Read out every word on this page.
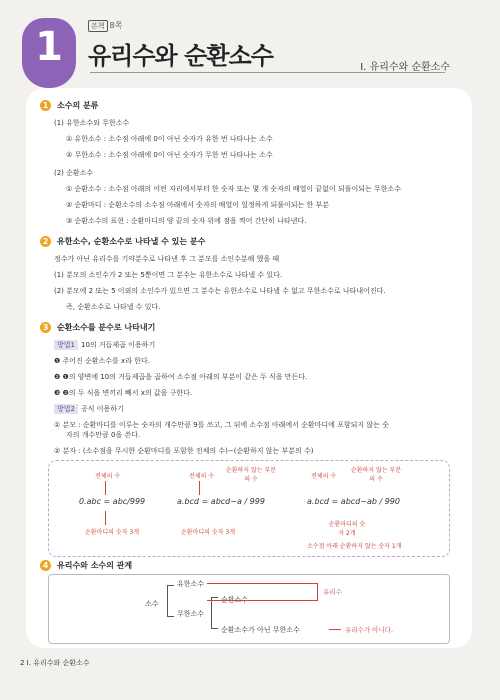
1	본책 8쪽
유리수와 순환소수	Ⅰ. 유리수와 순환소수
1	소수의 분류
(1) 유한소수와 무한소수
① 유한소수 : 소수점 아래에 0이 아닌 숫자가 유한 번 나타나는 소수
② 무한소수 : 소수점 아래에 0이 아닌 숫자가 무한 번 나타나는 소수
(2) 순환소수
① 순환소수 : 소수점 아래의 어떤 자리에서부터 한 숫자 또는 몇 개 숫자의 배열이 끝없이 되풀이되는 무한소수
② 순환마디 : 순환소수의 소수점 아래에서 숫자의 배열이 일정하게 되풀이되는 한 부분
③ 순환소수의 표현 : 순환마디의 양 끝의 숫자 위에 점을 찍어 간단히 나타낸다.
2	유한소수, 순환소수로 나타낼 수 있는 분수
정수가 아닌 유리수를 기약분수로 나타낸 후 그 분모를 소인수분해 했을 때
(1) 분모의 소인수가 2 또는 5뿐이면 그 분수는 유한소수로 나타낼 수 있다.
(2) 분모에 2 또는 5 이외의 소인수가 있으면 그 분수는 유한소수로 나타낼 수 없고 무한소수로 나타내어진다.
즉, 순환소수로 나타낼 수 있다.
3	순환소수를 분수로 나타내기
방법1 10의 거듭제곱 이용하기
❶ 주어진 순환소수를 x라 한다.
❷ ❶의 양변에 10의 거듭제곱을 곱하여 소수점 아래의 부분이 같은 두 식을 만든다.
❸ ❷의 두 식을 변끼리 빼서 x의 값을 구한다.
방법2 공식 이용하기
① 분모 : 순환마디를 이루는 숫자의 개수만큼 9를 쓰고, 그 뒤에 소수점 아래에서 순환마디에 포함되지 않는 숫
자의 개수만큼 0을 쓴다.
전체의 수
0.abc = abc/999
순환마디의 숫자 3개
전체의 수
순환하지 않는 부분의 수
a.bcd = abcd−a / 999
순환마디의 숫자 3개
전체의 수
순환하지 않는 부분의 수
a.bcd = abcd−ab / 990
순환마디의 숫자 2개
소수점 아래 순환하지 않는 숫자 1개
② 분자 : (소수점을 무시한 순환마디를 포함한 전체의 수)−(순환하지 않는 부분의 수)
4	유리수와 소수의 관계
소수
유한소수
무한소수
순환소수
순환소수가 아닌 무한소수
유리수
유리수가 아니다.
2 Ⅰ. 유리수와 순환소수
